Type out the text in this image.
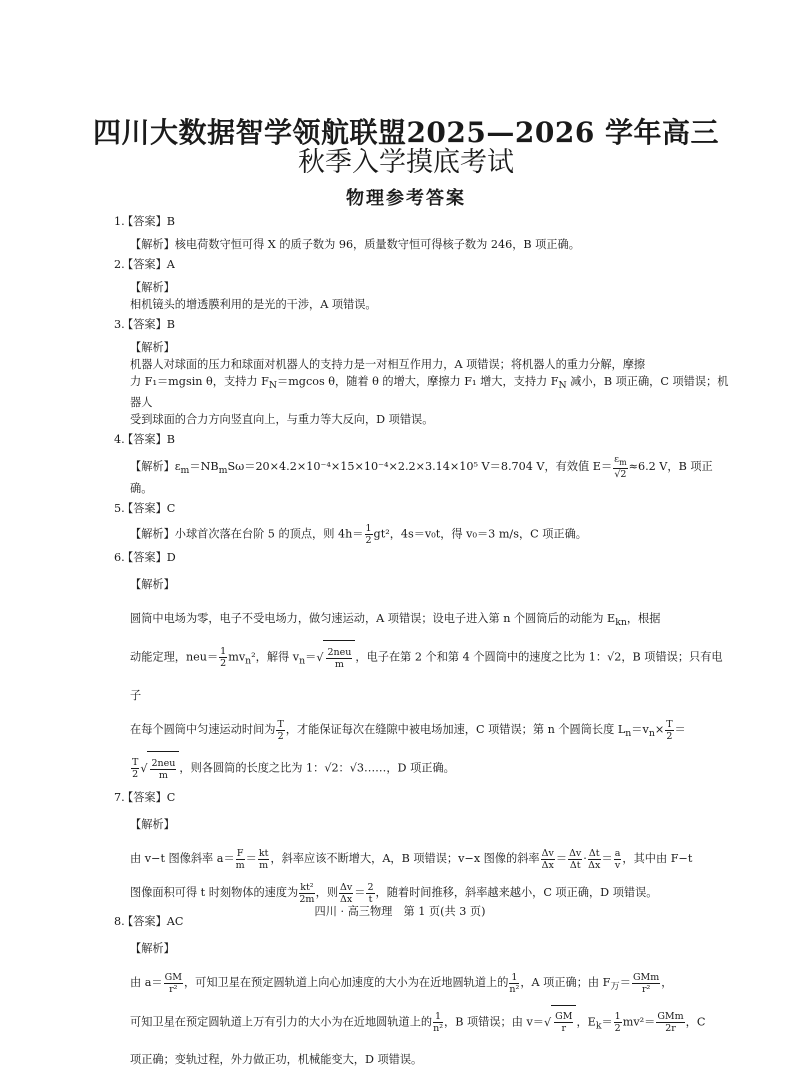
四川大数据智学领航联盟2025—2026 学年高三
秋季入学摸底考试
物理参考答案
1.【答案】B
【解析】核电荷数守恒可得 X 的质子数为 96，质量数守恒可得核子数为 246，B 项正确。
2.【答案】A
【解析】
相机镜头的增透膜利用的是光的干涉，A 项错误。
3.【答案】B
【解析】
机器人对球面的压力和球面对机器人的支持力是一对相互作用力，A 项错误；将机器人的重力分解，摩擦
力 F₁＝mgsin θ，支持力 $F_N=mgcos$ θ，随着 θ 的增大，摩擦力 F₁ 增大，支持力 $F_N$ 减小，B 项正确，C 项错误；机器人
受到球面的合力方向竖直向上，与重力等大反向，D 项错误。
4.【答案】B
【解析】$\varepsilon_m=NB_mS\omega=20\times 4.2\times 10^{-4}\times 15\times 10^{-4}\times 2.2\times 3.14\times 10^5$ V＝8.704 V，有效值 $E= \frac{\varepsilon_m}{√2} \approx 6.2$ V，B 项正确。
5.【答案】C
【解析】小球首次落在台阶 5 的顶点，则 $4h= \frac{1}{2} gt^2$，4s＝v₀t，得 v₀＝3 m/s，C 项正确。
6.【答案】D
【解析】
圆筒中电场为零，电子不受电场力，做匀速运动，A 项错误；设电子进入第 n 个圆筒后的动能为 $E_{kn}$，根据
动能定理，$neu= \frac{1}{2} mv_n^2$，解得 $v_n=√ \frac{\text{2neu}}{m}$ ，电子在第 2 个和第 4 个圆筒中的速度之比为 1：√2，B 项错误；只有电子
在每个圆筒中匀速运动时间为 $\frac{T}{2}$ ，才能保证每次在缝隙中被电场加速，C 项错误；第 n 个圆筒长度 $L_n=v_n\times \frac{T}{2}$ ＝
$\frac{T}{2}$ √ $\frac{\text{2neu}}{m}$ ，则各圆筒的长度之比为 1：√2：√3……，D 项正确。
7.【答案】C
【解析】
由 v−t 图像斜率 $a= \frac{F}{m} = \frac{kt}{m}$ ，斜率应该不断增大，A，B 项错误；v−x 图像的斜率 $\frac{\Delta v}{\Delta x} = \frac{\Delta v}{\Delta t} \cdot \frac{\Delta t}{\Delta x} = \frac{a}{v}$ ，其中由 F−t
图像面积可得 t 时刻物体的速度为 $\frac{\text{kt²}}{2m}$ ，则 $\frac{\Delta v}{\Delta x} = \frac{2}{t}$ ，随着时间推移，斜率越来越小，C 项正确，D 项错误。
8.【答案】AC
【解析】
由 $a= \frac{GM}{\text{r²}}$ ，可知卫星在预定圆轨道上向心加速度的大小为在近地圆轨道上的 $\frac{1}{\text{n²}}$ ，A 项正确；由 $F_万= \frac{\text{GMm}}{\text{r²}}$ ，
可知卫星在预定圆轨道上万有引力的大小为在近地圆轨道上的 $\frac{1}{\text{n²}}$ ，B 项错误；由 $v=√ \frac{GM}{r}$ ，$E_k= \frac{1}{2} mv^2= \frac{\text{GMm}}{2r}$ ，C
项正确；变轨过程，外力做正功，机械能变大，D 项错误。
四川 · 高三物理　第 1 页(共 3 页)
